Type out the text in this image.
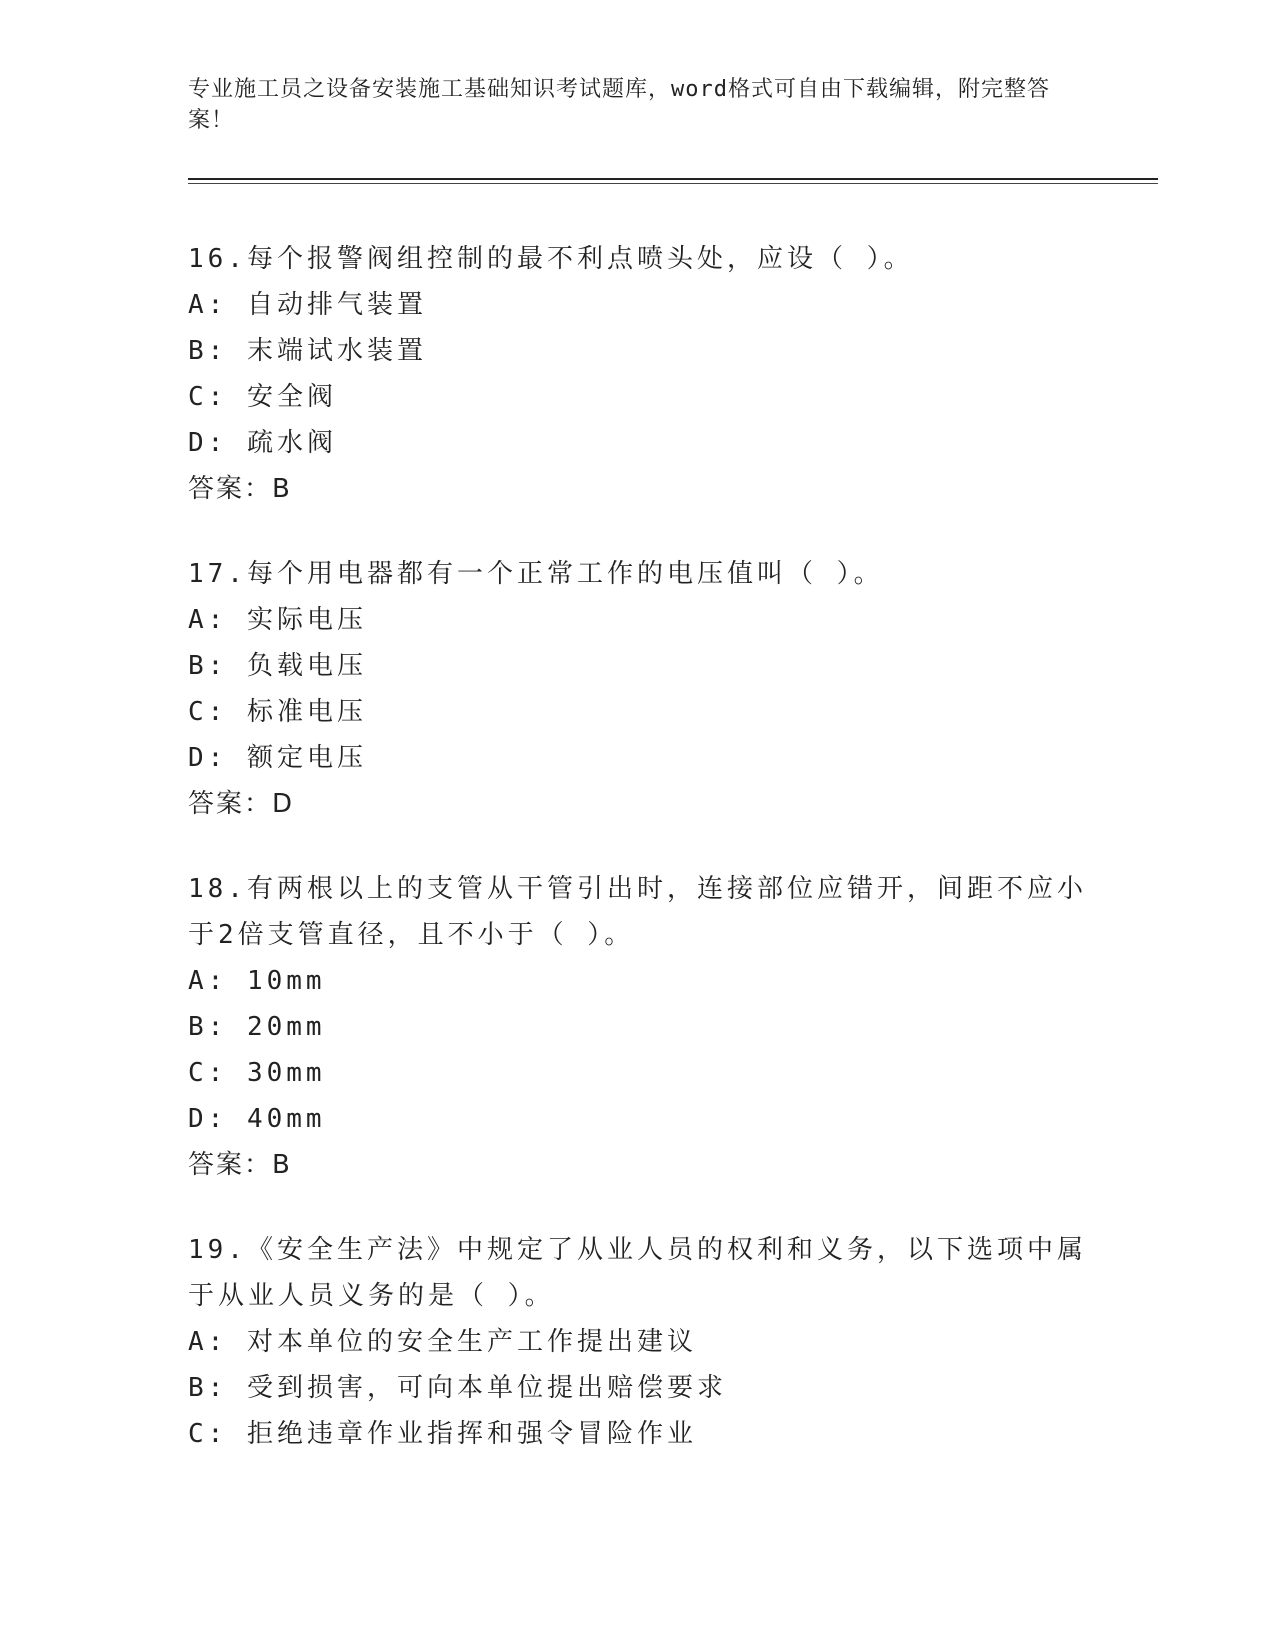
专业施工员之设备安装施工基础知识考试题库，word格式可自由下载编辑，附完整答案！
16.每个报警阀组控制的最不利点喷头处，应设（ ）。
A: 自动排气装置
B: 末端试水装置
C: 安全阀
D: 疏水阀
答案：B
17.每个用电器都有一个正常工作的电压值叫（ ）。
A: 实际电压
B: 负载电压
C: 标准电压
D: 额定电压
答案：D
18.有两根以上的支管从干管引出时，连接部位应错开，间距不应小于2倍支管直径，且不小于（ ）。
A: 10mm
B: 20mm
C: 30mm
D: 40mm
答案：B
19.《安全生产法》中规定了从业人员的权利和义务，以下选项中属于从业人员义务的是（ ）。
A: 对本单位的安全生产工作提出建议
B: 受到损害，可向本单位提出赔偿要求
C: 拒绝违章作业指挥和强令冒险作业
